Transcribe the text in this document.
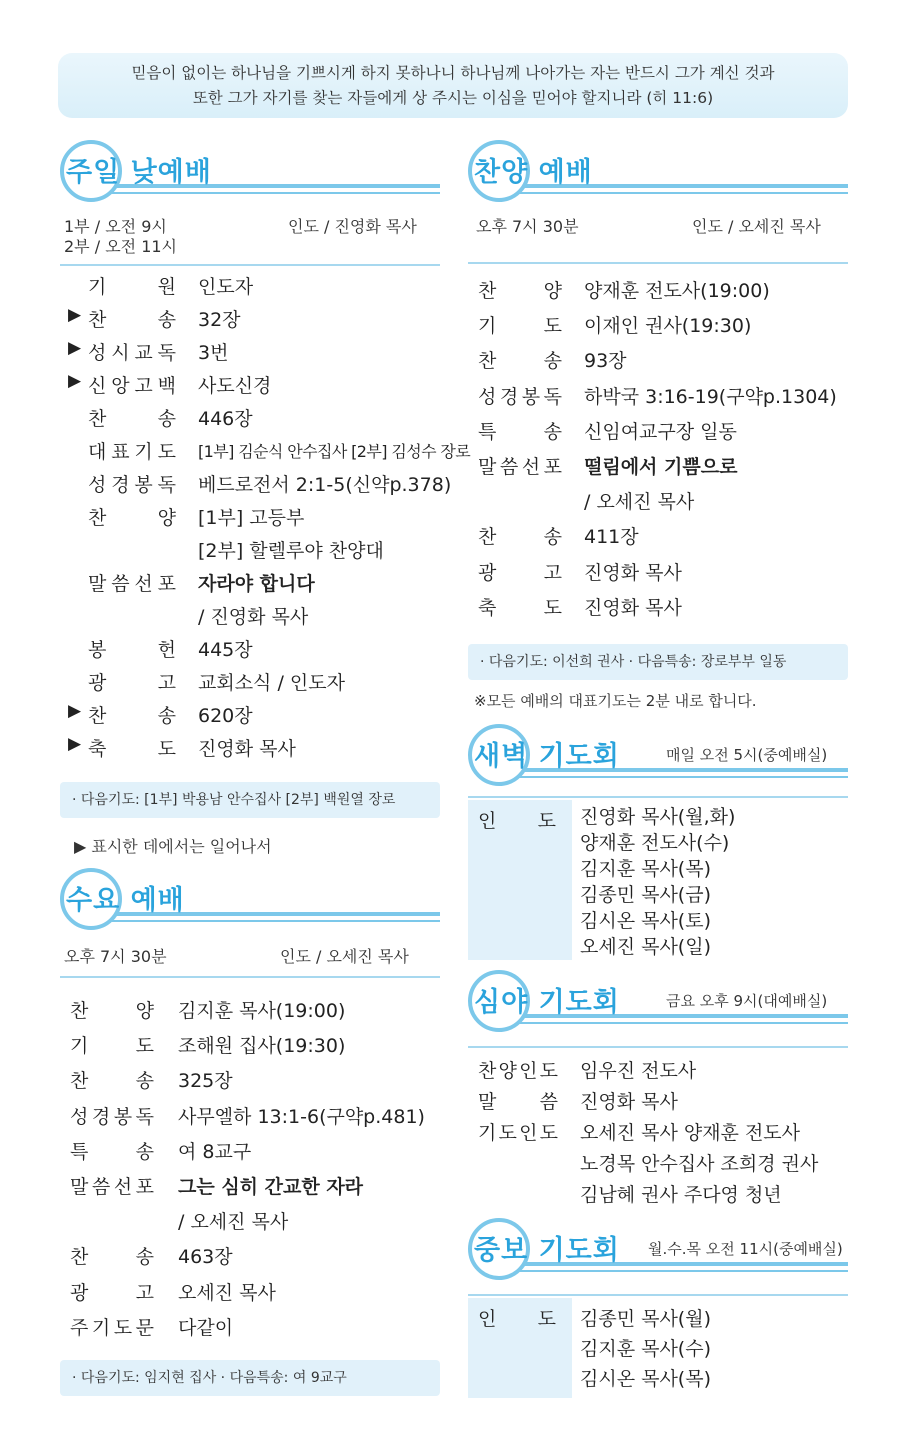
믿음이 없이는 하나님을 기쁘시게 하지 못하나니 하나님께 나아가는 자는 반드시 그가 계신 것과
또한 그가 자기를 찾는 자들에게 상 주시는 이심을 믿어야 할지니라 (히 11:6)
주일 낮예배
1부 / 오전 9시
2부 / 오전 11시
인도 / 진영화 목사
기	원 인도자
▶ 찬	송 32장
▶ 성 시 교 독 3번
▶ 신 앙 고 백 사도신경
찬	송 446장
대 표 기 도 [1부] 김순식 안수집사 [2부] 김성수 장로
성 경 봉 독 베드로전서 2:1-5(신약p.378)
찬	양 [1부] 고등부
[2부] 할렐루야 찬양대
말 씀 선 포 자라야 합니다
/ 진영화 목사
봉	헌 445장
광	고 교회소식 / 인도자
▶ 찬	송 620장
▶ 축	도 진영화 목사
· 다음기도: [1부] 박용남 안수집사 [2부] 백원열 장로
▶ 표시한 데에서는 일어나서
수요 예배
오후 7시 30분	인도 / 오세진 목사
찬 양 김지훈 목사(19:00)
기 도 조해원 집사(19:30)
찬 송 325장
성 경 봉 독 사무엘하 13:1-6(구약p.481)
특 송 여 8교구
말 씀 선 포 그는 심히 간교한 자라
/ 오세진 목사
찬 송 463장
광 고 오세진 목사
주 기 도 문 다같이
· 다음기도: 임지현 집사 · 다음특송: 여 9교구
찬양 예배
오후 7시 30분	인도 / 오세진 목사
찬 양 양재훈 전도사(19:00)
기 도 이재인 권사(19:30)
찬 송 93장
성 경 봉 독 하박국 3:16-19(구약p.1304)
특 송 신임여교구장 일동
말 씀 선 포 떨림에서 기쁨으로
/ 오세진 목사
찬 송 411장
광 고 진영화 목사
축 도 진영화 목사
· 다음기도: 이선희 권사 · 다음특송: 장로부부 일동
※모든 예배의 대표기도는 2분 내로 합니다.
새벽 기도회	매일 오전 5시(중예배실)
인 도 진영화 목사(월,화)
양재훈 전도사(수)
김지훈 목사(목)
김종민 목사(금)
김시온 목사(토)
오세진 목사(일)
심야 기도회	금요 오후 9시(대예배실)
찬 양 인 도 임우진 전도사
말 씀 진영화 목사
기 도 인 도 오세진 목사 양재훈 전도사
노경목 안수집사 조희경 권사
김남혜 권사 주다영 청년
중보 기도회 월.수.목 오전 11시(중예배실)
인 도 김종민 목사(월)
김지훈 목사(수)
김시온 목사(목)
